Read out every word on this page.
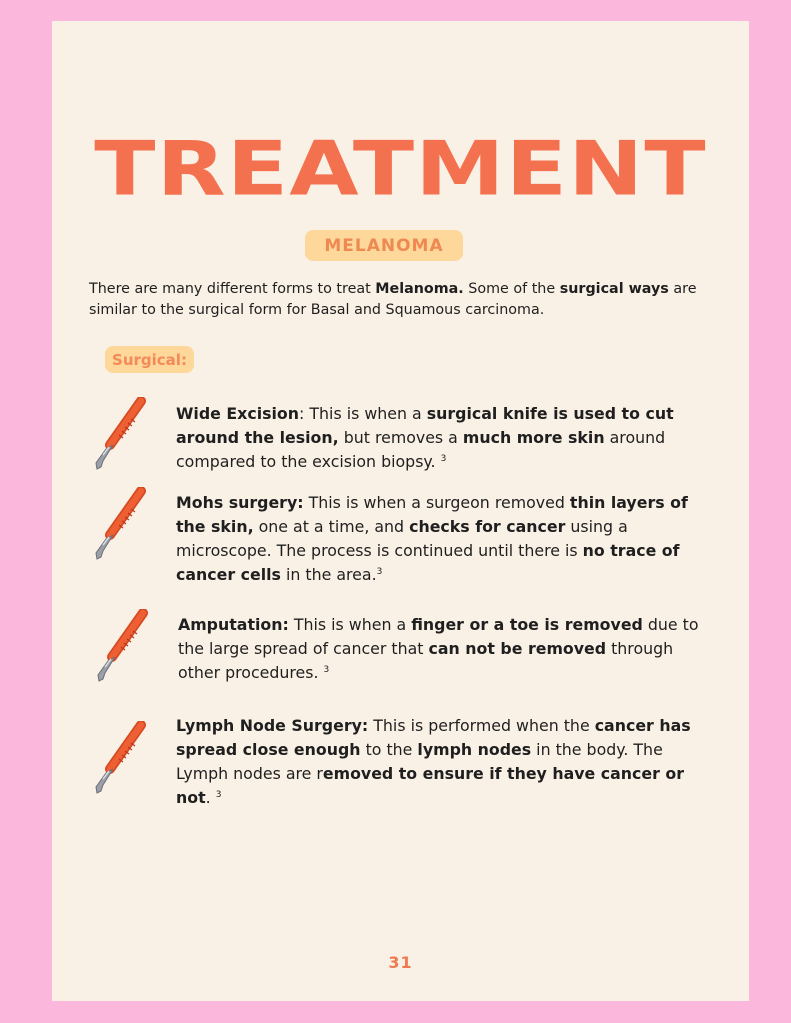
TREATMENT
MELANOMA
There are many different forms to treat Melanoma. Some of the surgical ways are similar to the surgical form for Basal and Squamous carcinoma.
Surgical:
Wide Excision: This is when a surgical knife is used to cut around the lesion, but removes a much more skin around compared to the excision biopsy. $^3$
Mohs surgery: This is when a surgeon removed thin layers of the skin, one at a time, and checks for cancer using a microscope. The process is continued until there is no trace of cancer cells in the area.$^3$
Amputation: This is when a finger or a toe is removed due to the large spread of cancer that can not be removed through other procedures. $^3$
Lymph Node Surgery: This is performed when the cancer has spread close enough to the lymph nodes in the body. The Lymph nodes are removed to ensure if they have cancer or not. $^3$
31
